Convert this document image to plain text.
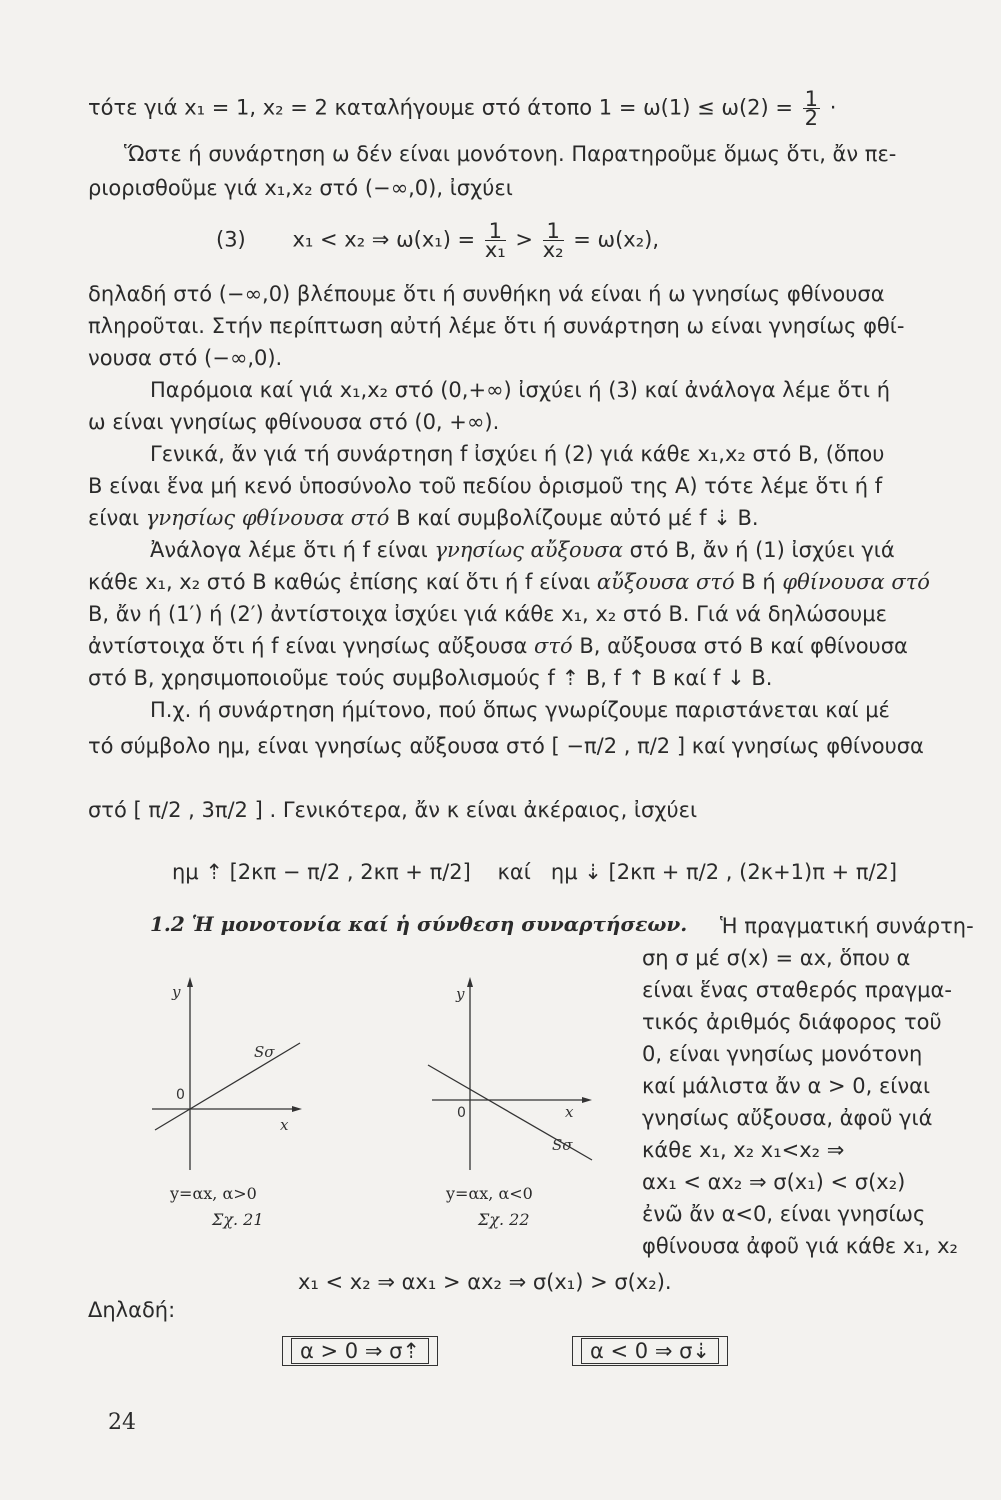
τότε γιά x₁ = 1, x₂ = 2 καταλήγουμε στό άτοπο $1 = \omega(1) \le \omega(2) = \frac{1}{2}$ ·
Ὥστε ή συνάρτηση ω δέν είναι μονότονη. Παρατηροῦμε ὅμως ὅτι, ἄν πε-
ριορισθοῦμε γιά x₁,x₂ στό (−∞,0), ἰσχύει
(3) x₁ < x₂ ⇒ $\omega(x_1) = \frac{1}{\text{x₁}} > \frac{1}{\text{x₂}} = \omega(x_2)$,
δηλαδή στό (−∞,0) βλέπουμε ὅτι ή συνθήκη νά είναι ή ω γνησίως φθίνουσα
πληροῦται. Στήν περίπτωση αὐτή λέμε ὅτι ή συνάρτηση ω είναι γνησίως φθί-
νουσα στό (−∞,0).
Παρόμοια καί γιά x₁,x₂ στό (0,+∞) ἰσχύει ή (3) καί ἀνάλογα λέμε ὅτι ή
ω είναι γνησίως φθίνουσα στό (0, +∞).
Γενικά, ἄν γιά τή συνάρτηση f ἰσχύει ή (2) γιά κάθε x₁,x₂ στό B, (ὅπου
B είναι ἕνα μή κενό ὑποσύνολο τοῦ πεδίου ὁρισμοῦ της A) τότε λέμε ὅτι ή f
είναι γνησίως φθίνουσα στό B καί συμβολίζουμε αὐτό μέ f ⇣ B.
Ἀνάλογα λέμε ὅτι ή f είναι γνησίως αὔξουσα στό B, ἄν ή (1) ἰσχύει γιά
κάθε x₁, x₂ στό B καθώς ἐπίσης καί ὅτι ή f είναι αὔξουσα στό B ή φθίνουσα στό
B, ἄν ή (1′) ή (2′) ἀντίστοιχα ἰσχύει γιά κάθε x₁, x₂ στό B. Γιά νά δηλώσουμε
ἀντίστοιχα ὅτι ή f είναι γνησίως αὔξουσα στό B, αὔξουσα στό B καί φθίνουσα
στό B, χρησιμοποιοῦμε τούς συμβολισμούς f ⇡ B, f ↑ B καί f ↓ B.
Π.χ. ή συνάρτηση ήμίτονο, πού ὅπως γνωρίζουμε παριστάνεται καί μέ
τό σύμβολο ημ, είναι γνησίως αὔξουσα στό [ −π/2 , π/2 ] καί γνησίως φθίνουσα
στό [ π/2 , 3π/2 ] . Γενικότερα, ἄν κ είναι ἀκέραιος, ἰσχύει
ημ ⇡ [2κπ − π/2 , 2κπ + π/2] καί ημ ⇣ [2κπ + π/2 , (2κ+1)π + π/2]
1.2 Ἡ μονοτονία καί ἡ σύνθεση συναρτήσεων. Ἡ πραγματική συνάρτη-
ση σ μέ σ(x) = αx, ὅπου α
είναι ἕνας σταθερός πραγμα-
τικός ἀριθμός διάφορος τοῦ
0, είναι γνησίως μονότονη
καί μάλιστα ἄν α > 0, είναι
γνησίως αὔξουσα, ἀφοῦ γιά
κάθε x₁, x₂ x₁<x₂ ⇒
αx₁ < αx₂ ⇒ σ(x₁) < σ(x₂)
ἐνῶ ἄν α<0, είναι γνησίως
φθίνουσα ἀφοῦ γιά κάθε x₁, x₂
y
x
0
Sσ
y=αx, α>0
Σχ. 21
y
x
0
Sσ
y=αx, α<0
Σχ. 22
x₁ < x₂ ⇒ αx₁ > αx₂ ⇒ σ(x₁) > σ(x₂).
Δηλαδή:
α > 0 ⇒ σ⇡	α < 0 ⇒ σ⇣
24
